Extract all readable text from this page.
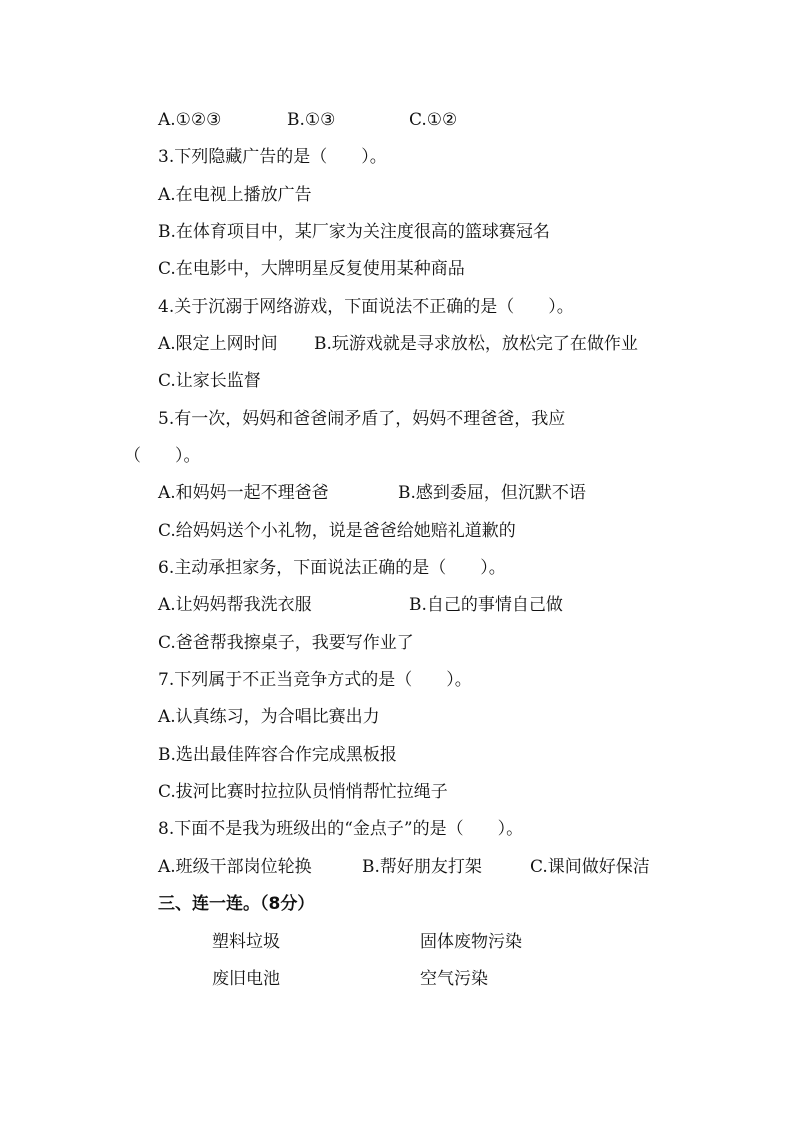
A.①②③	B.①③	C.①②
3.下列隐藏广告的是（　　）。
A.在电视上播放广告
B.在体育项目中，某厂家为关注度很高的篮球赛冠名
C.在电影中，大牌明星反复使用某种商品
4.关于沉溺于网络游戏，下面说法不正确的是（　　）。
A.限定上网时间 B.玩游戏就是寻求放松，放松完了在做作业
C.让家长监督
5.有一次，妈妈和爸爸闹矛盾了，妈妈不理爸爸，我应
（　　）。
A.和妈妈一起不理爸爸	B.感到委屈，但沉默不语
C.给妈妈送个小礼物，说是爸爸给她赔礼道歉的
6.主动承担家务，下面说法正确的是（　　）。
A.让妈妈帮我洗衣服	B.自己的事情自己做
C.爸爸帮我擦桌子，我要写作业了
7.下列属于不正当竞争方式的是（　　）。
A.认真练习，为合唱比赛出力
B.选出最佳阵容合作完成黑板报
C.拔河比赛时拉拉队员悄悄帮忙拉绳子
8.下面不是我为班级出的“金点子”的是（　　）。
A.班级干部岗位轮换	B.帮好朋友打架	C.课间做好保洁
三、连一连。（8分）
塑料垃圾	固体废物污染
废旧电池	空气污染
